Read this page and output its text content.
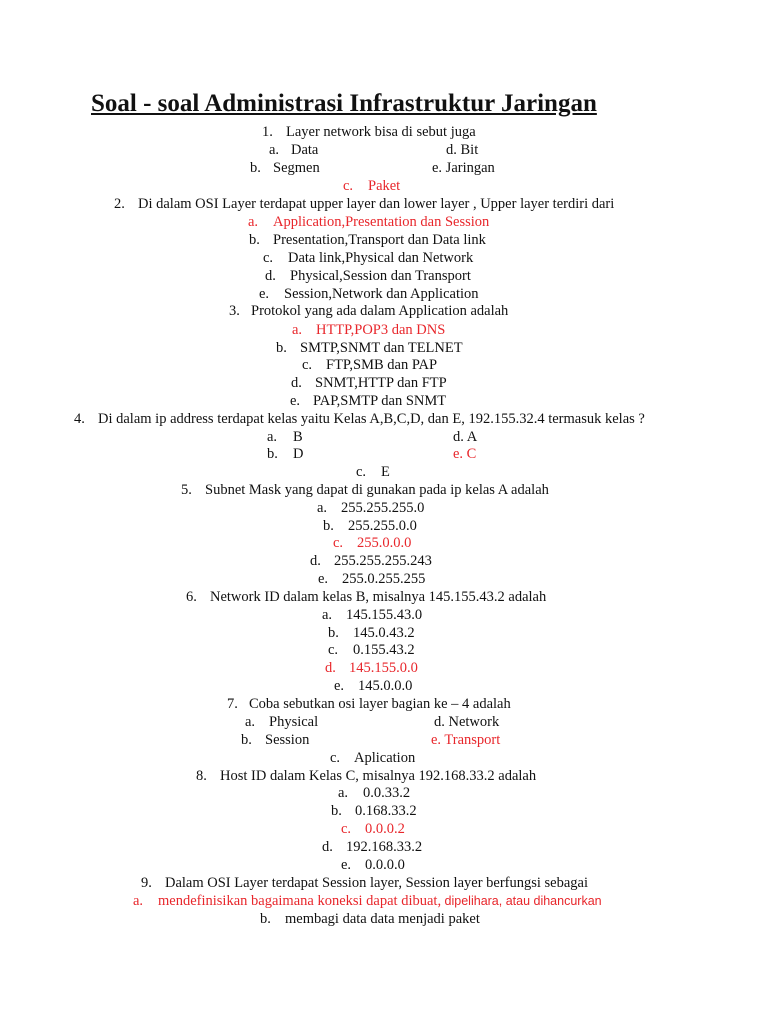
Soal - soal Administrasi Infrastruktur Jaringan
1. Layer network bisa di sebut juga
a. Data	d. Bit
b. Segmen	e. Jaringan
c. Paket
2. Di dalam OSI Layer terdapat upper layer dan lower layer , Upper layer terdiri dari
a. Application,Presentation dan Session
b. Presentation,Transport dan Data link
c. Data link,Physical dan Network
d. Physical,Session dan Transport
e. Session,Network dan Application
3. Protokol yang ada dalam Application adalah
a. HTTP,POP3 dan DNS
b. SMTP,SNMT dan TELNET
c. FTP,SMB dan PAP
d. SNMT,HTTP dan FTP
e. PAP,SMTP dan SNMT
4. Di dalam ip address terdapat kelas yaitu Kelas A,B,C,D, dan E, 192.155.32.4 termasuk kelas ?
a. B	d. A
b. D	e. C
c. E
5. Subnet Mask yang dapat di gunakan pada ip kelas A adalah
a. 255.255.255.0
b. 255.255.0.0
c. 255.0.0.0
d. 255.255.255.243
e. 255.0.255.255
6. Network ID dalam kelas B, misalnya 145.155.43.2 adalah
a. 145.155.43.0
b. 145.0.43.2
c. 0.155.43.2
d. 145.155.0.0
e. 145.0.0.0
7. Coba sebutkan osi layer bagian ke – 4 adalah
a. Physical	d. Network
b. Session	e. Transport
c. Aplication
8. Host ID dalam Kelas C, misalnya 192.168.33.2 adalah
a. 0.0.33.2
b. 0.168.33.2
c. 0.0.0.2
d. 192.168.33.2
e. 0.0.0.0
9. Dalam OSI Layer terdapat Session layer, Session layer berfungsi sebagai
a. mendefinisikan bagaimana koneksi dapat dibuat, dipelihara, atau dihancurkan
b. membagi data data menjadi paket
